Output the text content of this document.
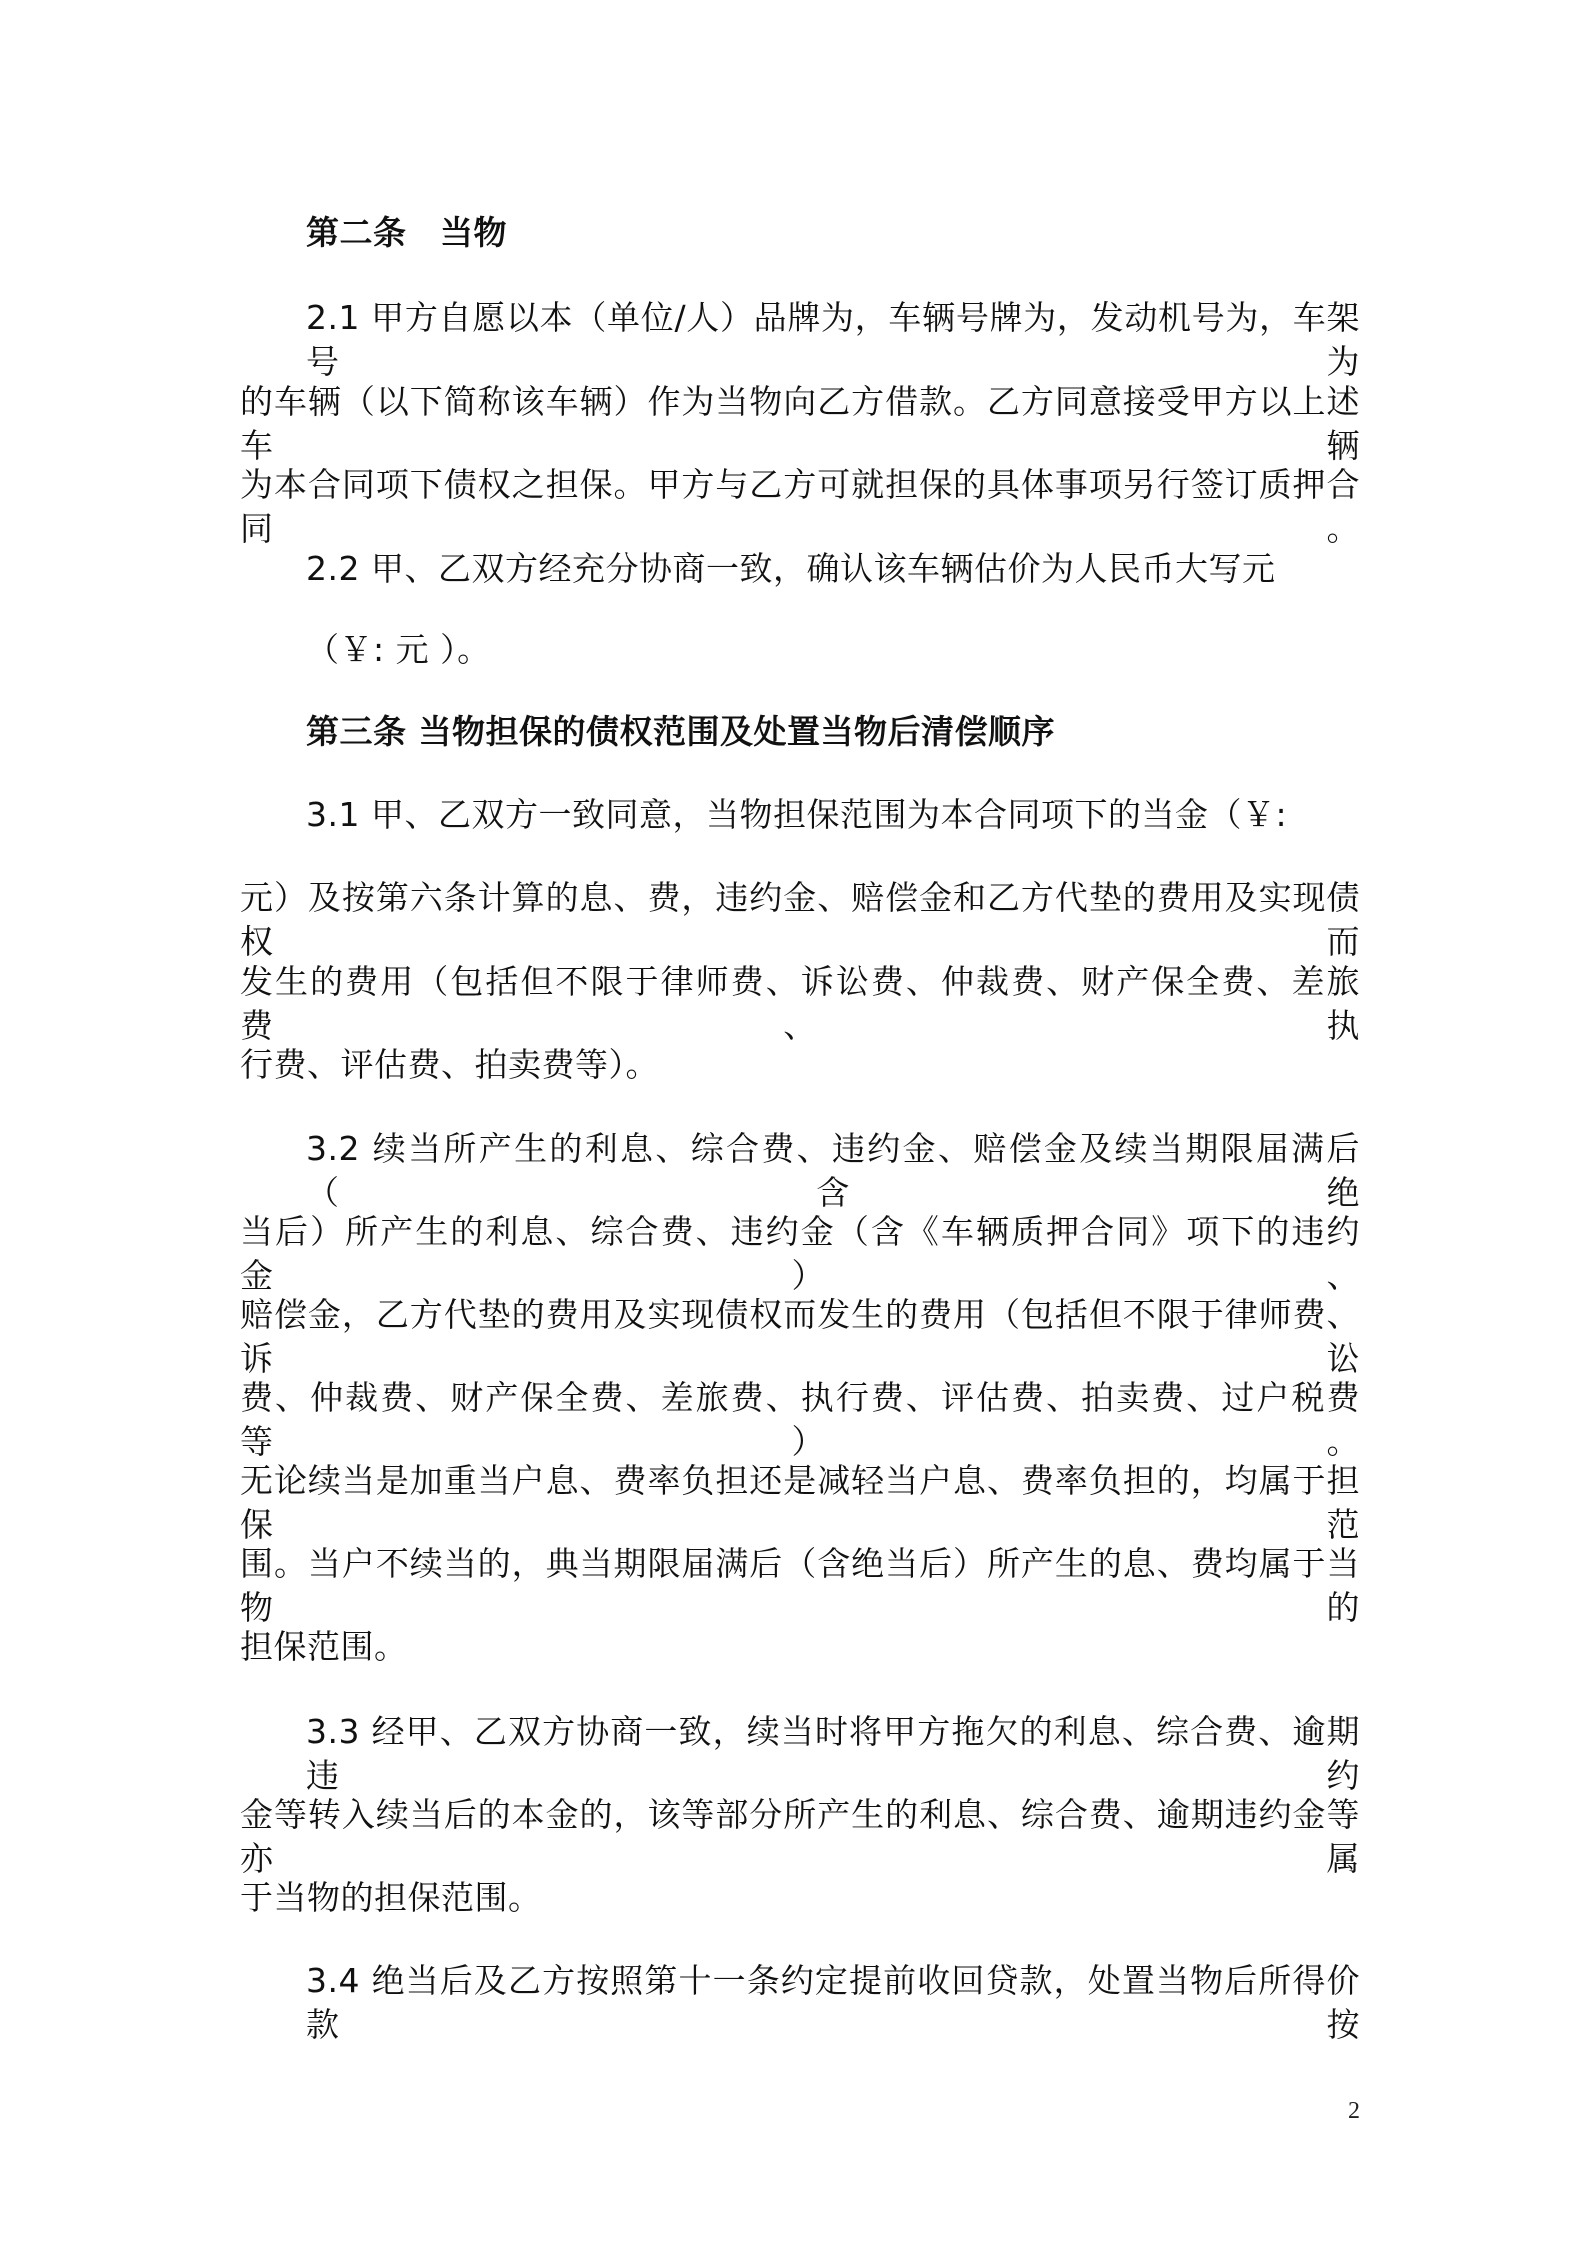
第二条　当物
2.1 甲方自愿以本（单位/人）品牌为，车辆号牌为，发动机号为，车架号为
的车辆（以下简称该车辆）作为当物向乙方借款。乙方同意接受甲方以上述车辆
为本合同项下债权之担保。甲方与乙方可就担保的具体事项另行签订质押合同。
2.2 甲、乙双方经充分协商一致，确认该车辆估价为人民币大写元
（￥: 元 ）。
第三条 当物担保的债权范围及处置当物后清偿顺序
3.1 甲、乙双方一致同意，当物担保范围为本合同项下的当金（￥:
元）及按第六条计算的息、费，违约金、赔偿金和乙方代垫的费用及实现债权而
发生的费用（包括但不限于律师费、诉讼费、仲裁费、财产保全费、差旅费、执
行费、评估费、拍卖费等）。
3.2 续当所产生的利息、综合费、违约金、赔偿金及续当期限届满后（含绝
当后）所产生的利息、综合费、违约金（含《车辆质押合同》项下的违约金）、
赔偿金，乙方代垫的费用及实现债权而发生的费用（包括但不限于律师费、诉讼
费、仲裁费、财产保全费、差旅费、执行费、评估费、拍卖费、过户税费等）。
无论续当是加重当户息、费率负担还是减轻当户息、费率负担的，均属于担保范
围。当户不续当的，典当期限届满后（含绝当后）所产生的息、费均属于当物的
担保范围。
3.3 经甲、乙双方协商一致，续当时将甲方拖欠的利息、综合费、逾期违约
金等转入续当后的本金的，该等部分所产生的利息、综合费、逾期违约金等亦属
于当物的担保范围。
3.4 绝当后及乙方按照第十一条约定提前收回贷款，处置当物后所得价款按
2
